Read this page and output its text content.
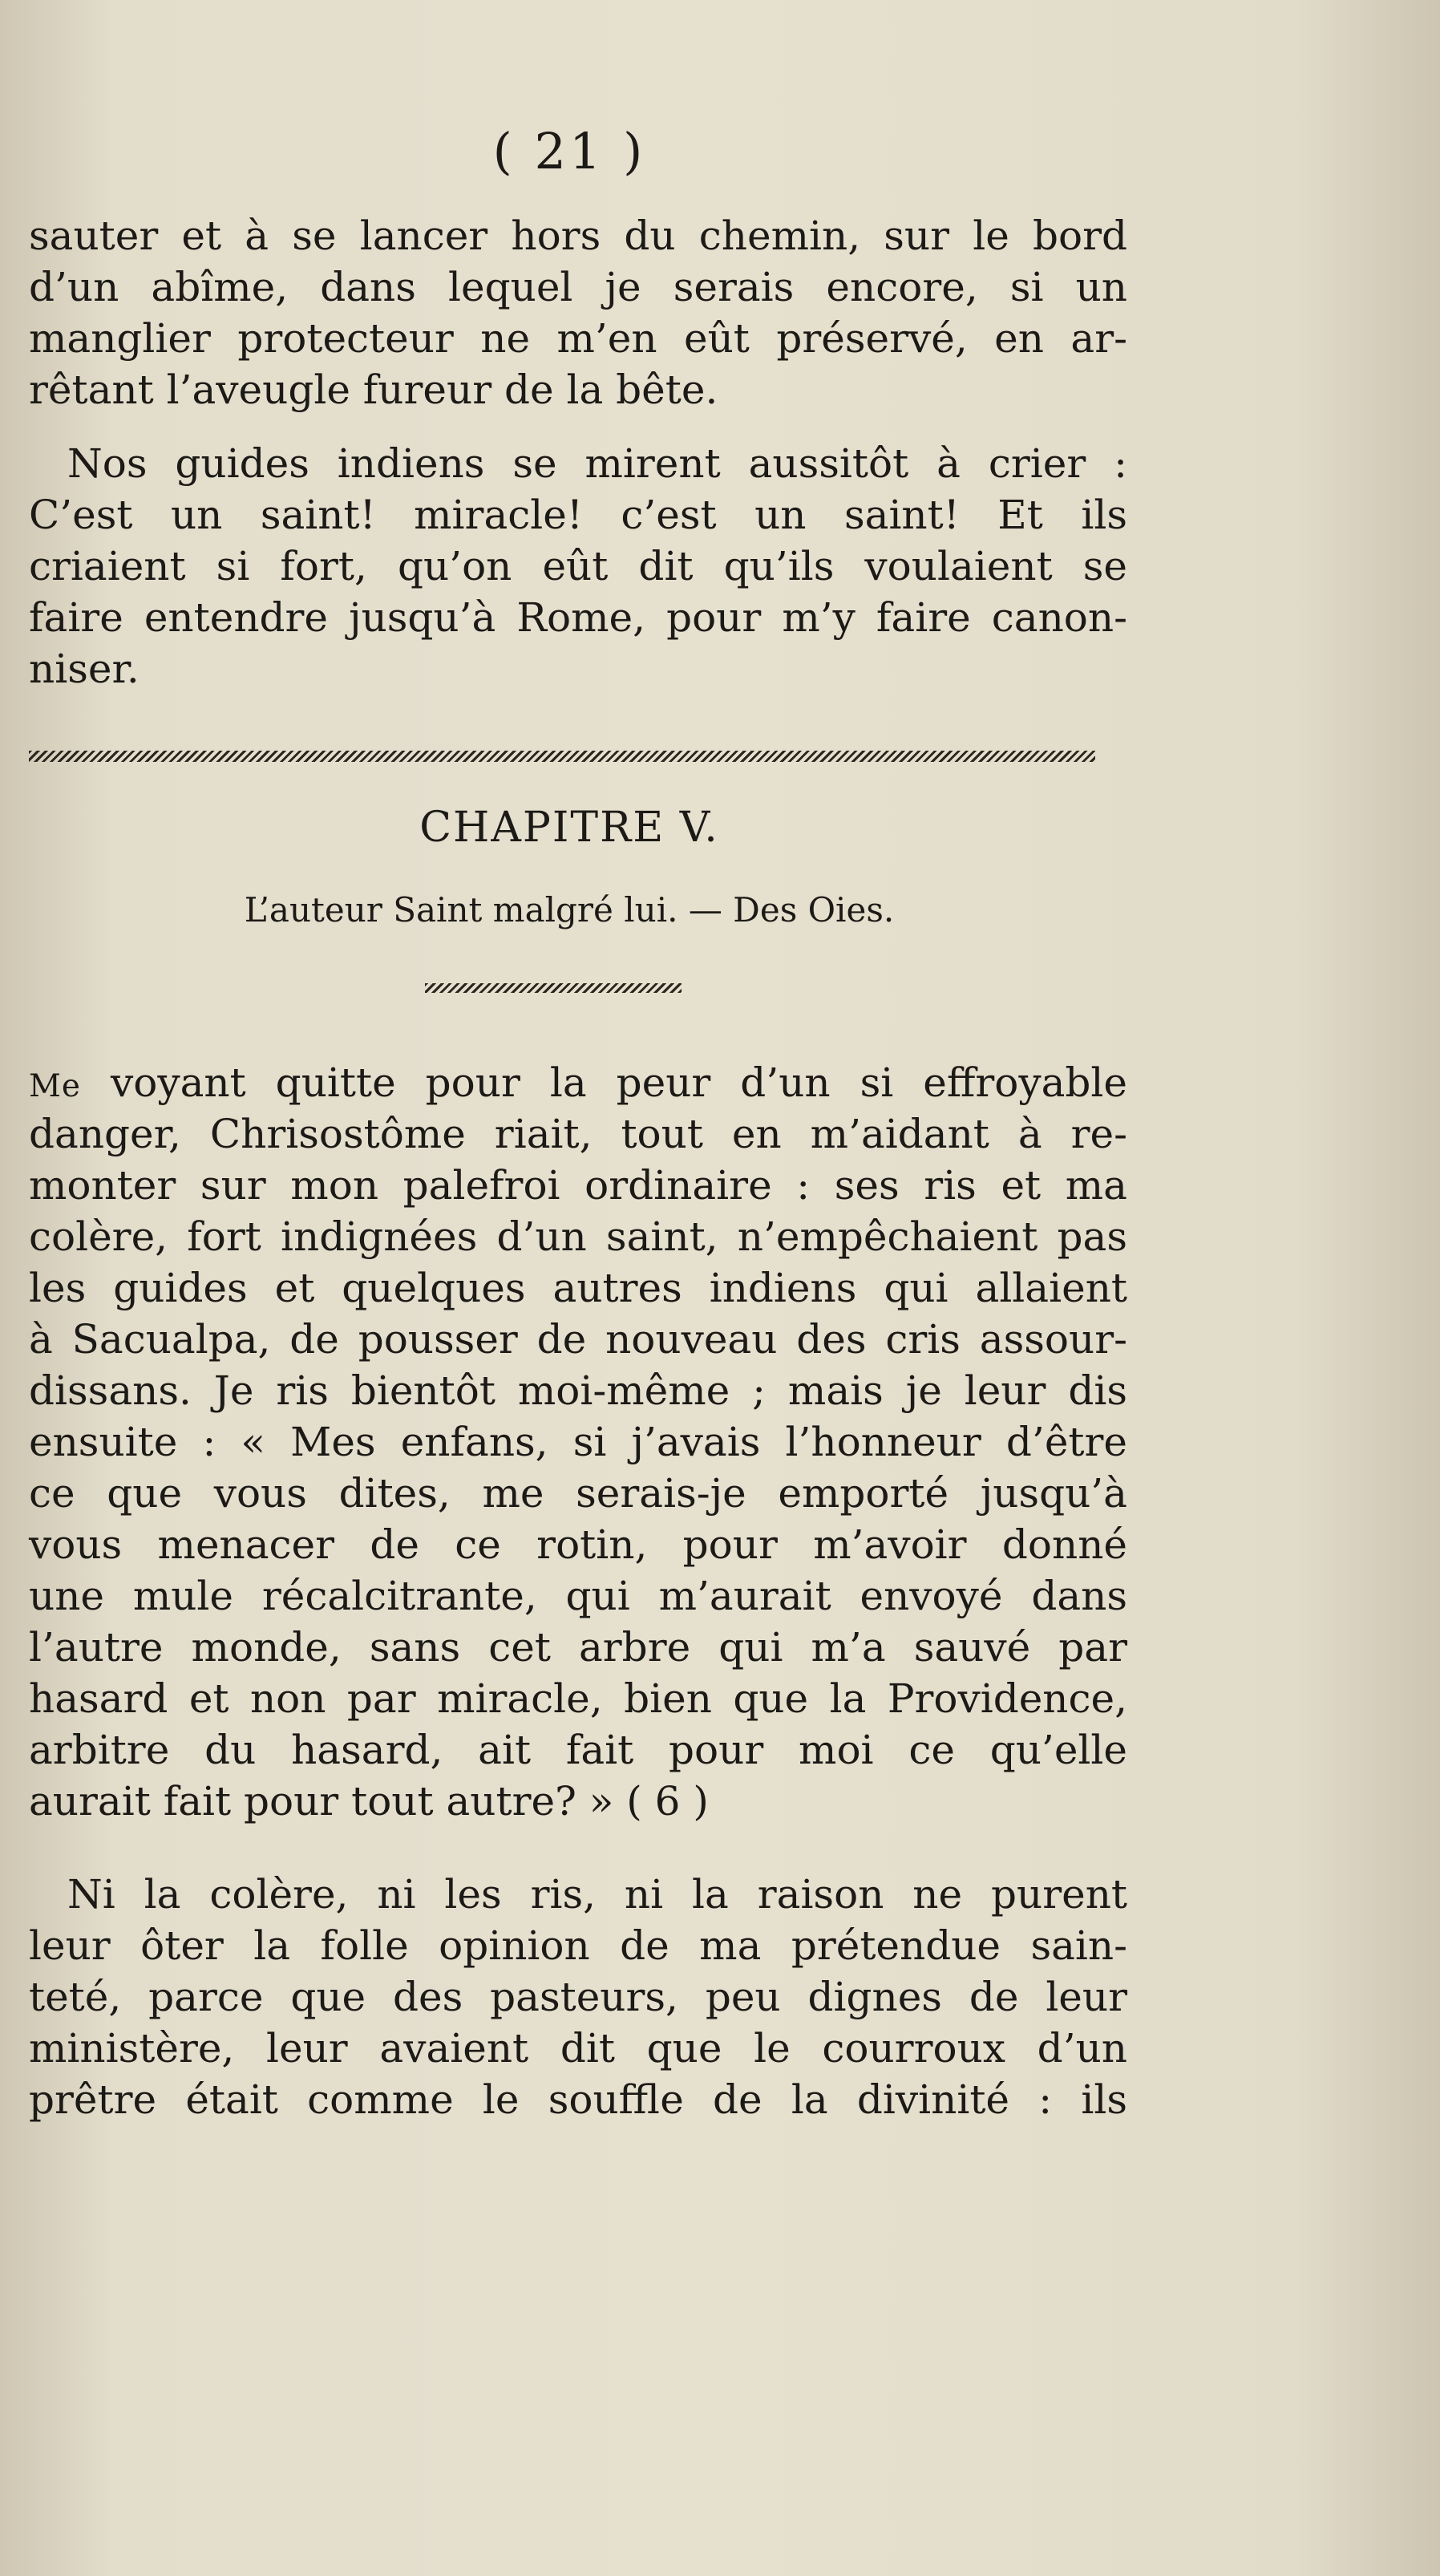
( 21 )
sauter et à se lancer hors du chemin, sur le bord
d’un abîme, dans lequel je serais encore, si un
manglier protecteur ne m’en eût préservé, en ar-
rêtant l’aveugle fureur de la bête.
Nos guides indiens se mirent aussitôt à crier :
C’est un saint! miracle! c’est un saint! Et ils
criaient si fort, qu’on eût dit qu’ils voulaient se
faire entendre jusqu’à Rome, pour m’y faire canon-
niser.
CHAPITRE V.
L’auteur Saint malgré lui. — Des Oies.
Me voyant quitte pour la peur d’un si effroyable
danger, Chrisostôme riait, tout en m’aidant à re-
monter sur mon palefroi ordinaire : ses ris et ma
colère, fort indignées d’un saint, n’empêchaient pas
les guides et quelques autres indiens qui allaient
à Sacualpa, de pousser de nouveau des cris assour-
dissans. Je ris bientôt moi-même ; mais je leur dis
ensuite : « Mes enfans, si j’avais l’honneur d’être
ce que vous dites, me serais-je emporté jusqu’à
vous menacer de ce rotin, pour m’avoir donné
une mule récalcitrante, qui m’aurait envoyé dans
l’autre monde, sans cet arbre qui m’a sauvé par
hasard et non par miracle, bien que la Providence,
arbitre du hasard, ait fait pour moi ce qu’elle
aurait fait pour tout autre? » ( 6 )
Ni la colère, ni les ris, ni la raison ne purent
leur ôter la folle opinion de ma prétendue sain-
teté, parce que des pasteurs, peu dignes de leur
ministère, leur avaient dit que le courroux d’un
prêtre était comme le souffle de la divinité : ils
